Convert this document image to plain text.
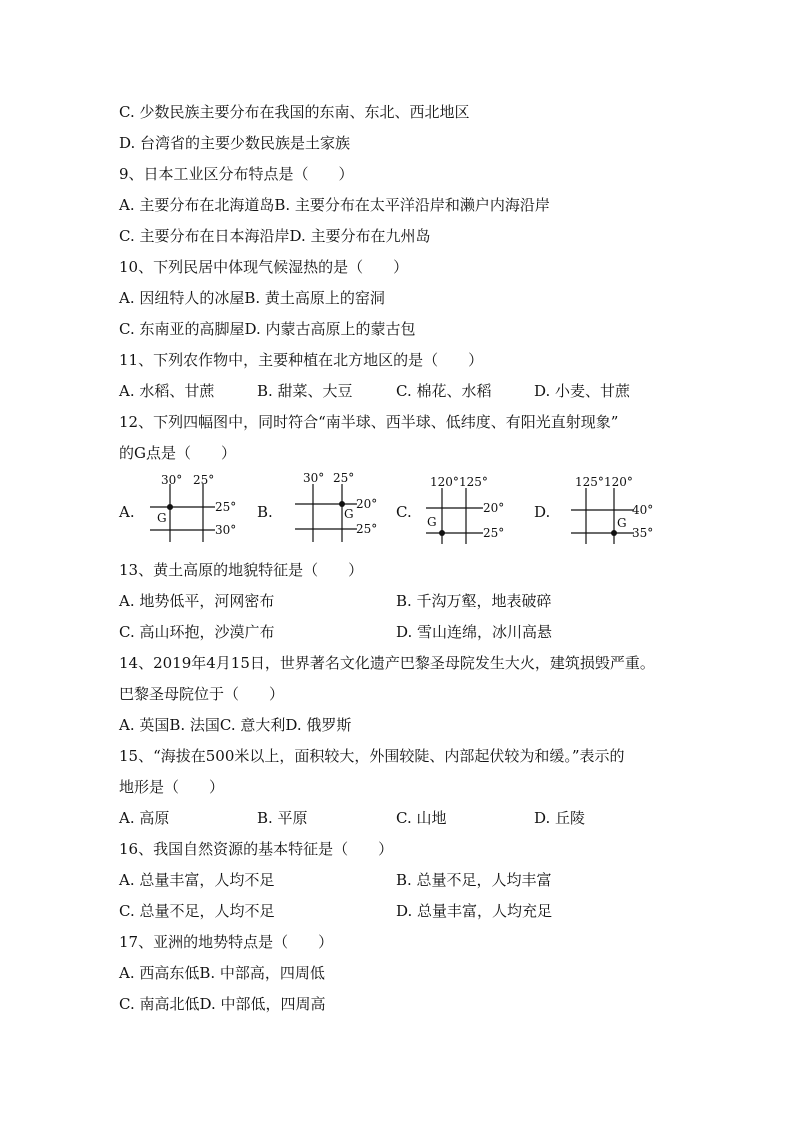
C. 少数民族主要分布在我国的东南、东北、西北地区
D. 台湾省的主要少数民族是土家族
9、日本工业区分布特点是（　　）
A. 主要分布在北海道岛B. 主要分布在太平洋沿岸和濑户内海沿岸
C. 主要分布在日本海沿岸D. 主要分布在九州岛
10、下列民居中体现气候湿热的是（　　）
A. 因纽特人的冰屋B. 黄土高原上的窑洞
C. 东南亚的高脚屋D. 内蒙古高原上的蒙古包
11、下列农作物中，主要种植在北方地区的是（　　）
A. 水稻、甘蔗	B. 甜菜、大豆	C. 棉花、水稻	D. 小麦、甘蔗
12、下列四幅图中，同时符合“南半球、西半球、低纬度、有阳光直射现象”
的G点是（　　）
A.	B.	C.	D.
30° 25°
25°
30°
G
30° 25°
20°
25°
G
120° 125°
20°
25°
G
125° 120°
40°
35°
G
13、黄土高原的地貌特征是（　　）
A. 地势低平，河网密布	B. 千沟万壑，地表破碎
C. 高山环抱，沙漠广布	D. 雪山连绵，冰川高悬
14、2019年4月15日，世界著名文化遗产巴黎圣母院发生大火，建筑损毁严重。
巴黎圣母院位于（　　）
A. 英国B. 法国C. 意大利D. 俄罗斯
15、“海拔在500米以上，面积较大，外围较陡、内部起伏较为和缓。”表示的
地形是（　　）
A. 高原	B. 平原	C. 山地	D. 丘陵
16、我国自然资源的基本特征是（　　）
A. 总量丰富，人均不足	B. 总量不足，人均丰富
C. 总量不足，人均不足	D. 总量丰富，人均充足
17、亚洲的地势特点是（　　）
A. 西高东低B. 中部高，四周低
C. 南高北低D. 中部低，四周高
